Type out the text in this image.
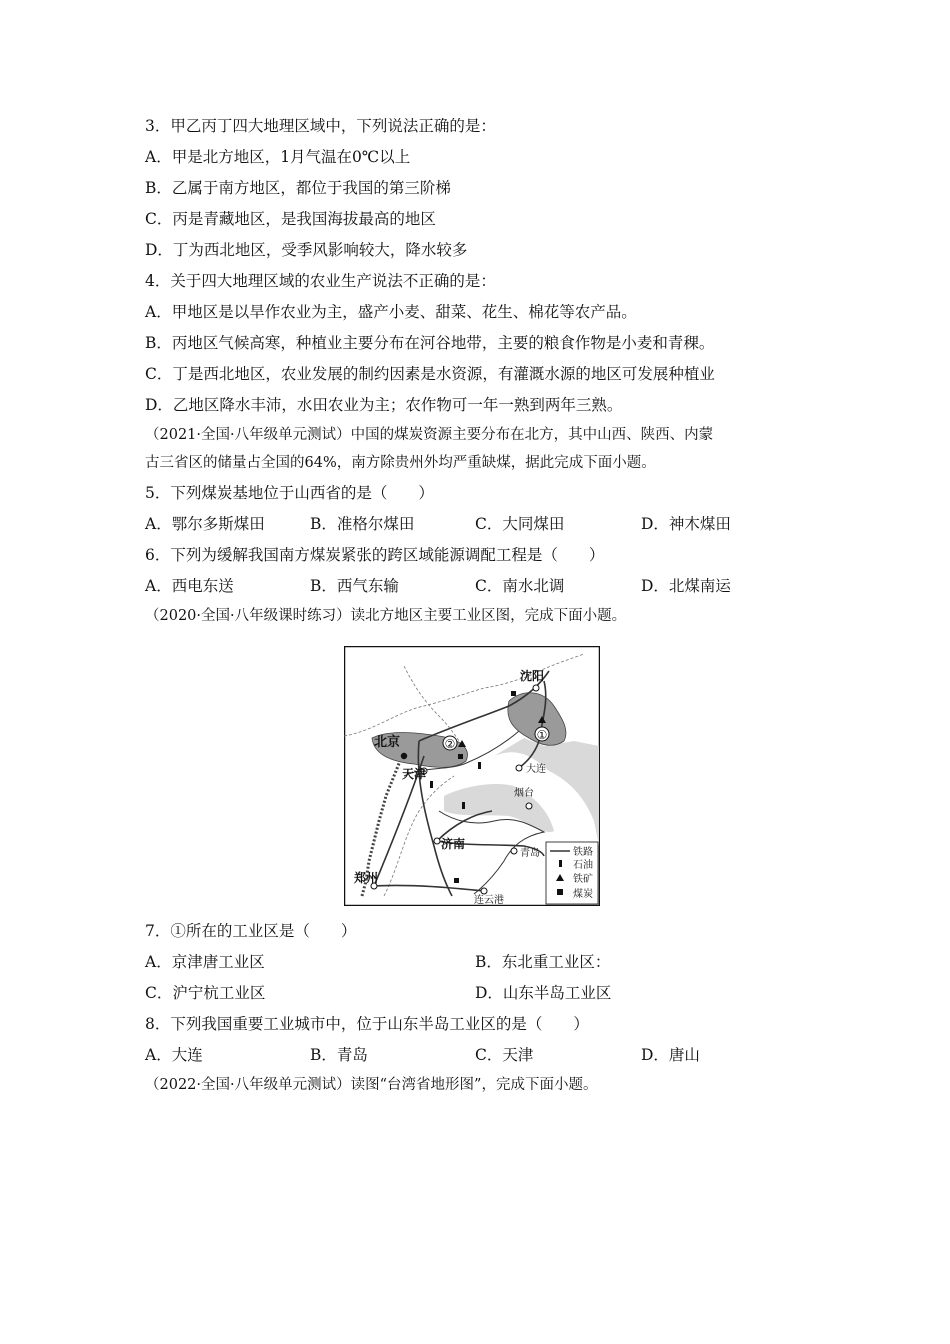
3．甲乙丙丁四大地理区域中，下列说法正确的是：
A．甲是北方地区，1月气温在0℃以上
B．乙属于南方地区，都位于我国的第三阶梯
C．丙是青藏地区，是我国海拔最高的地区
D．丁为西北地区，受季风影响较大，降水较多
4．关于四大地理区域的农业生产说法不正确的是：
A．甲地区是以旱作农业为主，盛产小麦、甜菜、花生、棉花等农产品。
B．丙地区气候高寒，种植业主要分布在河谷地带，主要的粮食作物是小麦和青稞。
C．丁是西北地区，农业发展的制约因素是水资源，有灌溉水源的地区可发展种植业
D．乙地区降水丰沛，水田农业为主；农作物可一年一熟到两年三熟。
（2021·全国·八年级单元测试）中国的煤炭资源主要分布在北方，其中山西、陕西、内蒙
古三省区的储量占全国的64%，南方除贵州外均严重缺煤，据此完成下面小题。
5．下列煤炭基地位于山西省的是（　　）
A．鄂尔多斯煤田	B．准格尔煤田	C．大同煤田	D．神木煤田
6．下列为缓解我国南方煤炭紧张的跨区域能源调配工程是（　　）
A．西电东送	B．西气东输	C．南水北调	D．北煤南运
（2020·全国·八年级课时练习）读北方地区主要工业区图，完成下面小题。
①
②
沈阳
北京
天津	大连
烟台
济南
青岛
郑州
连云港
铁路
石油
铁矿
煤炭
7．①所在的工业区是（　　）
A．京津唐工业区	B．东北重工业区：
C．沪宁杭工业区	D．山东半岛工业区
8．下列我国重要工业城市中，位于山东半岛工业区的是（　　）
A．大连	B．青岛	C．天津	D．唐山
（2022·全国·八年级单元测试）读图“台湾省地形图”，完成下面小题。
